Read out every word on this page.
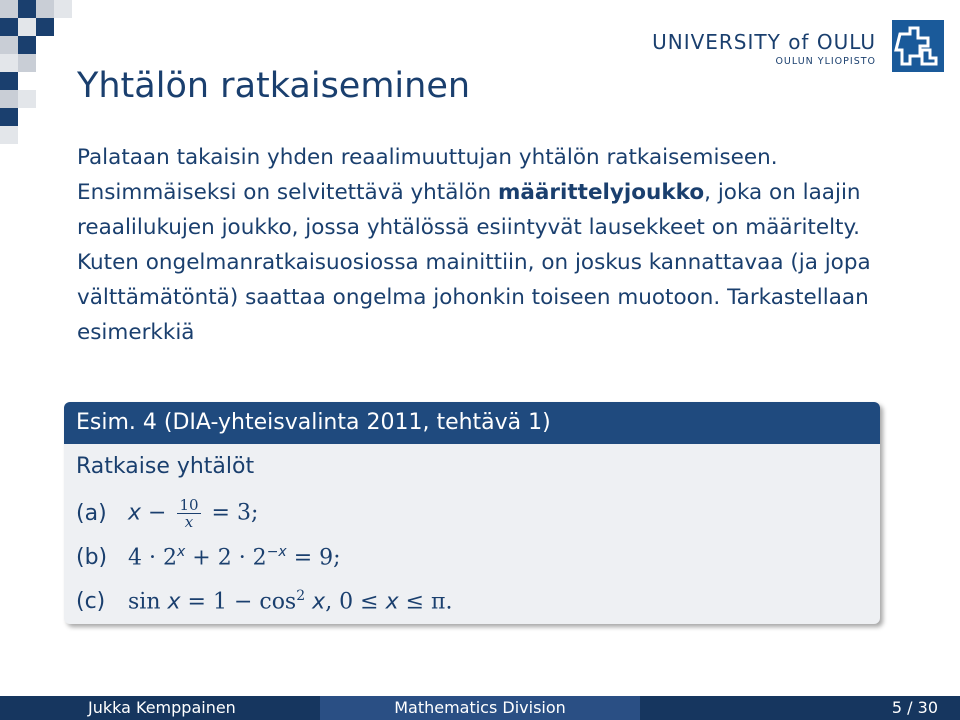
Yhtälön ratkaiseminen
UNIVERSITY of OULU
OULUN YLIOPISTO

Palataan takaisin yhden reaalimuuttujan yhtälön ratkaisemiseen. Ensimmäiseksi on selvitettävä yhtälön määrittelyjoukko, joka on laajin reaalilukujen joukko, jossa yhtälössä esiintyvät lausekkeet on määritelty.

Kuten ongelmanratkaisuosiossa mainittiin, on joskus kannattavaa (ja jopa välttämätöntä) saattaa ongelma johonkin toiseen muotoon. Tarkastellaan esimerkkiä

Esim. 4 (DIA-yhteisvalinta 2011, tehtävä 1)

Ratkaise yhtälöt

(a) $x - \frac{10}{x} = 3$;
(b) $4 \cdot 2^x + 2 \cdot 2^{-x} = 9$;
(c)	$\sin x = 1 - \cos^2 x$, 0 ≤ x ≤ π.
Jukka Kemppainen	Mathematics Division	5 / 30
